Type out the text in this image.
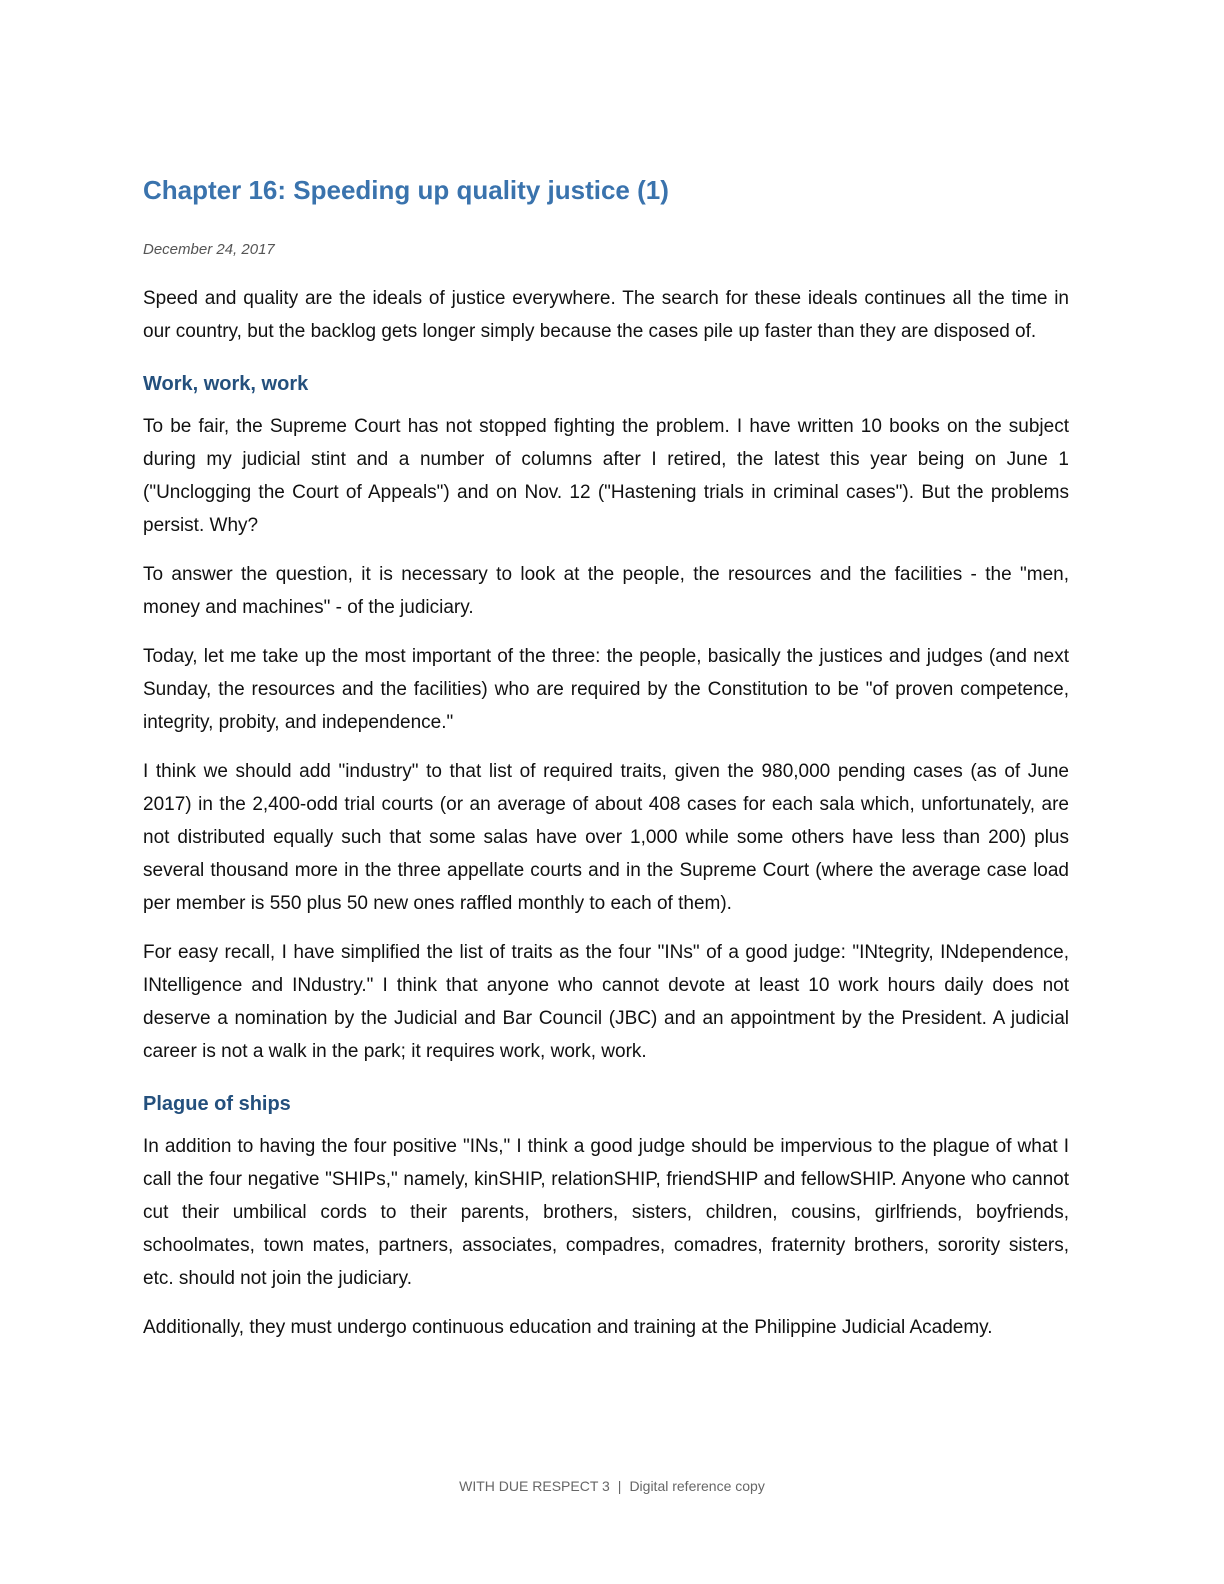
Chapter 16: Speeding up quality justice (1)
December 24, 2017

Speed and quality are the ideals of justice everywhere. The search for these ideals continues all the time in our country, but the backlog gets longer simply because the cases pile up faster than they are disposed of.

Work, work, work

To be fair, the Supreme Court has not stopped fighting the problem. I have written 10 books on the subject during my judicial stint and a number of columns after I retired, the latest this year being on June 1 ("Unclogging the Court of Appeals") and on Nov. 12 ("Hastening trials in criminal cases"). But the problems persist. Why?

To answer the question, it is necessary to look at the people, the resources and the facilities - the "men, money and machines" - of the judiciary.

Today, let me take up the most important of the three: the people, basically the justices and judges (and next Sunday, the resources and the facilities) who are required by the Constitution to be "of proven competence, integrity, probity, and independence."

I think we should add "industry" to that list of required traits, given the 980,000 pending cases (as of June 2017) in the 2,400-odd trial courts (or an average of about 408 cases for each sala which, unfortunately, are not distributed equally such that some salas have over 1,000 while some others have less than 200) plus several thousand more in the three appellate courts and in the Supreme Court (where the average case load per member is 550 plus 50 new ones raffled monthly to each of them).

For easy recall, I have simplified the list of traits as the four "INs" of a good judge: "INtegrity, INdependence, INtelligence and INdustry." I think that anyone who cannot devote at least 10 work hours daily does not deserve a nomination by the Judicial and Bar Council (JBC) and an appointment by the President. A judicial career is not a walk in the park; it requires work, work, work.

Plague of ships

In addition to having the four positive "INs," I think a good judge should be impervious to the plague of what I call the four negative "SHIPs," namely, kinSHIP, relationSHIP, friendSHIP and fellowSHIP. Anyone who cannot cut their umbilical cords to their parents, brothers, sisters, children, cousins, girlfriends, boyfriends, schoolmates, town mates, partners, associates, compadres, comadres, fraternity brothers, sorority sisters, etc. should not join the judiciary.

Additionally, they must undergo continuous education and training at the Philippine Judicial Academy.

WITH DUE RESPECT 3 | Digital reference copy
